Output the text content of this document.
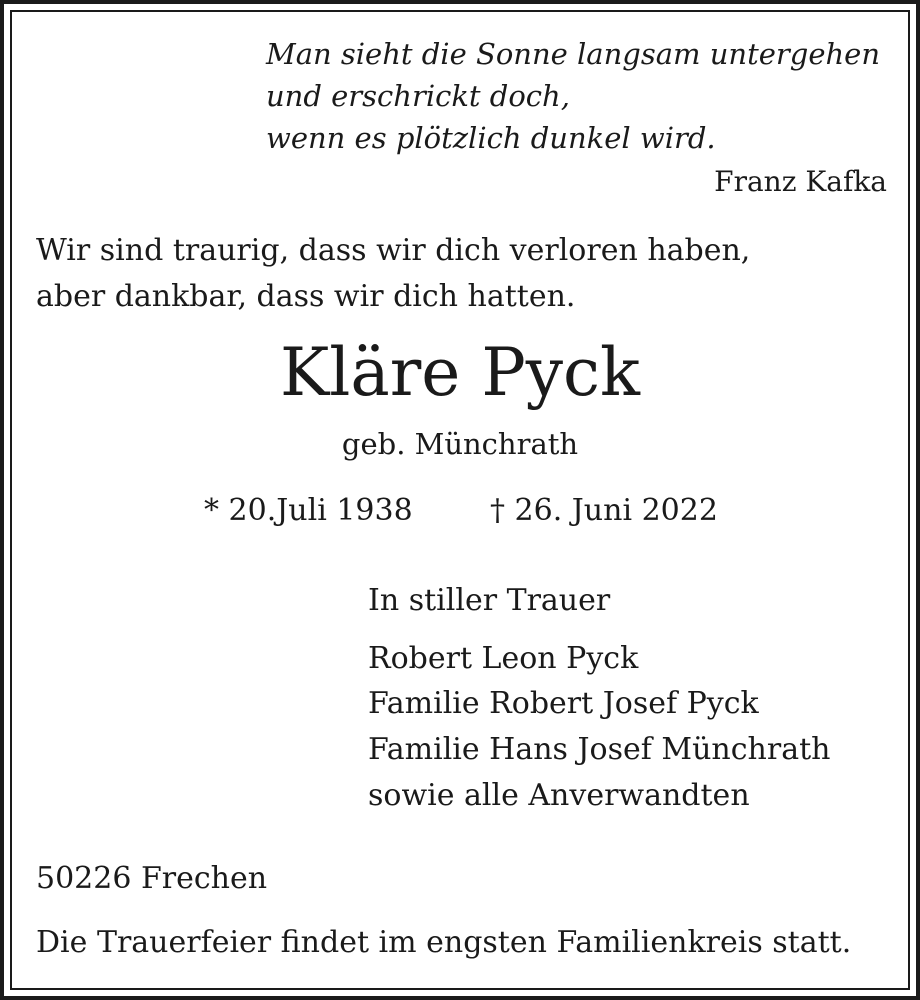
Man sieht die Sonne langsam untergehen
und erschrickt doch,
wenn es plötzlich dunkel wird.
Franz Kafka
Wir sind traurig, dass wir dich verloren haben,
aber dankbar, dass wir dich hatten.
Kläre Pyck
geb. Münchrath
* 20.Juli 1938	† 26. Juni 2022
In stiller Trauer
Robert Leon Pyck
Familie Robert Josef Pyck
Familie Hans Josef Münchrath
sowie alle Anverwandten
50226 Frechen
Die Trauerfeier findet im engsten Familienkreis statt.
